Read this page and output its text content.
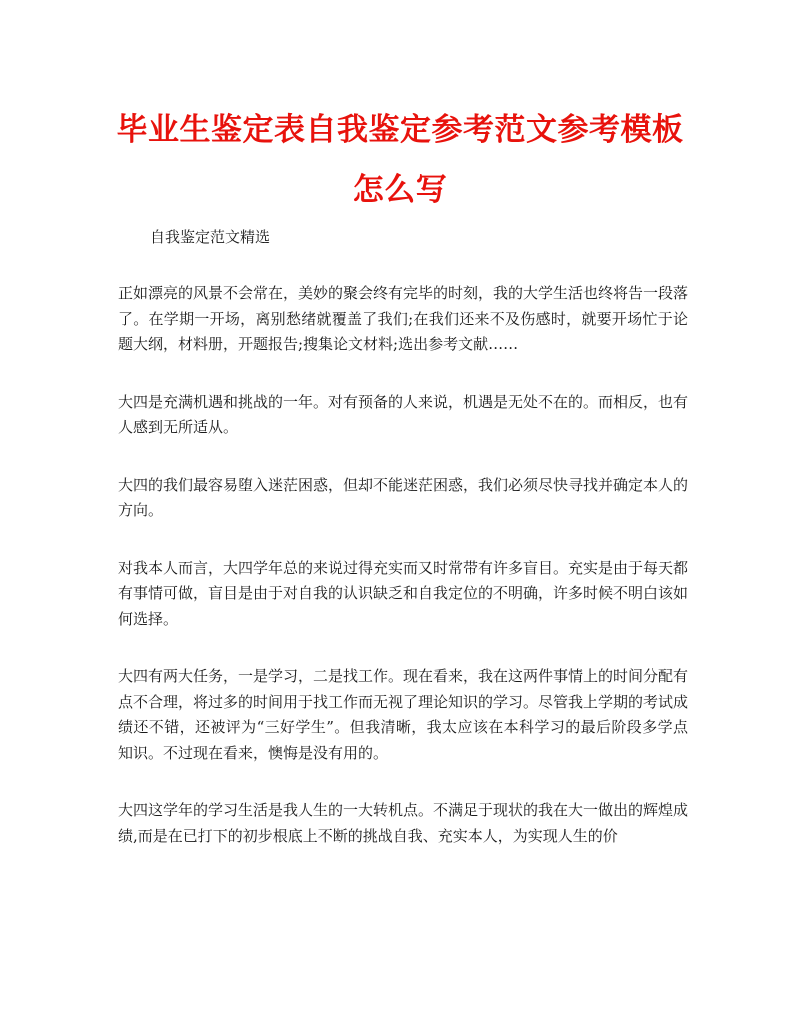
毕业生鉴定表自我鉴定参考范文参考模板
怎么写

自我鉴定范文精选

正如漂亮的风景不会常在，美妙的聚会终有完毕的时刻，我的大学生活也终将告一段落了。在学期一开场，离别愁绪就覆盖了我们;在我们还来不及伤感时，就要开场忙于论题大纲，材料册，开题报告;搜集论文材料;选出参考文献……

大四是充满机遇和挑战的一年。对有预备的人来说，机遇是无处不在的。而相反，也有人感到无所适从。

大四的我们最容易堕入迷茫困惑，但却不能迷茫困惑，我们必须尽快寻找并确定本人的方向。

对我本人而言，大四学年总的来说过得充实而又时常带有许多盲目。充实是由于每天都有事情可做，盲目是由于对自我的认识缺乏和自我定位的不明确，许多时候不明白该如何选择。

大四有两大任务，一是学习，二是找工作。现在看来，我在这两件事情上的时间分配有点不合理，将过多的时间用于找工作而无视了理论知识的学习。尽管我上学期的考试成绩还不错，还被评为“三好学生”。但我清晰，我太应该在本科学习的最后阶段多学点知识。不过现在看来，懊悔是没有用的。

大四这学年的学习生活是我人生的一大转机点。不满足于现状的我在大一做出的辉煌成绩,而是在已打下的初步根底上不断的挑战自我、充实本人，为实现人生的价
